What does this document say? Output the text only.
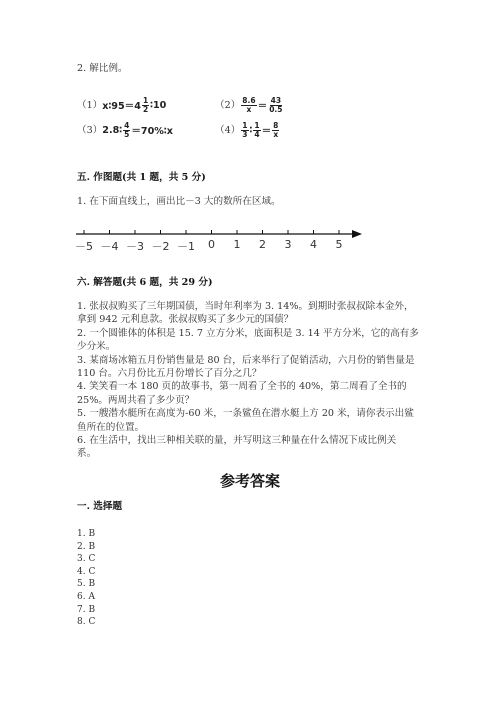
2. 解比例。
（1） x∶95＝4 $\frac{1}{2}$ ∶10	$(2) \frac{8.6}{x} = \frac{43}{0.5}$
（3） 2.8∶ $\frac{4}{5}$ ＝70%∶x	$(4) \frac{1}{3}$ ∶ $\frac{1}{4} = \frac{8}{x}$
五. 作图题(共 1 题，共 5 分)
1. 在下面直线上，画出比－3 大的数所在区域。
－5 －4 －3 －2 －1 0 1 2 3 4 5
六. 解答题(共 6 题，共 29 分)
1. 张叔叔购买了三年期国债，当时年利率为 3. 14%。到期时张叔叔除本金外，
拿到 942 元利息款。张叔叔购买了多少元的国债？
2. 一个圆锥体的体积是 15. 7 立方分米，底面积是 3. 14 平方分米，它的高有多
少分米。
3. 某商场冰箱五月份销售量是 80 台，后来举行了促销活动，六月份的销售量是
110 台。六月份比五月份增长了百分之几？
4. 笑笑看一本 180 页的故事书，第一周看了全书的 40%，第二周看了全书的
25%。两周共看了多少页？
5. 一艘潜水艇所在高度为-60 米，一条鲨鱼在潜水艇上方 20 米，请你表示出鲨
鱼所在的位置。
6. 在生活中，找出三种相关联的量，并写明这三种量在什么情况下成比例关
系。
参考答案
一. 选择题
1. B
2. B
3. C
4. C
5. B
6. A
7. B
8. C
